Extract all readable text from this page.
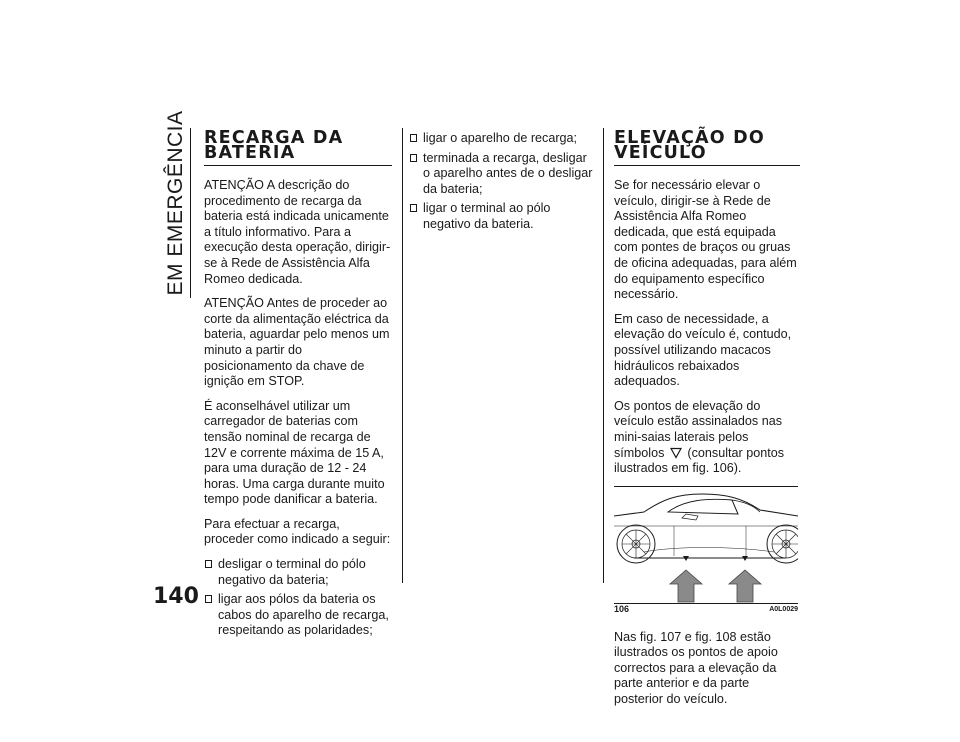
EM EMERGÊNCIA
140
RECARGA DA
BATERIA

ATENÇÃO A descrição do procedimento de recarga da bateria está indicada unicamente a título informativo. Para a execução desta operação, dirigir-se à Rede de Assistência Alfa Romeo dedicada.

ATENÇÃO Antes de proceder ao corte da alimentação eléctrica da bateria, aguardar pelo menos um minuto a partir do posicionamento da chave de ignição em STOP.

É aconselhável utilizar um carregador de baterias com tensão nominal de recarga de 12V e corrente máxima de 15 A, para uma duração de 12 - 24 horas. Uma carga durante muito tempo pode danificar a bateria.

Para efectuar a recarga, proceder como indicado a seguir:

desligar o terminal do pólo negativo da bateria;
ligar aos pólos da bateria os cabos do aparelho de recarga, respeitando as polaridades;
ligar o aparelho de recarga;
terminada a recarga, desligar o aparelho antes de o desligar da bateria;
ligar o terminal ao pólo negativo da bateria.
ELEVAÇÃO DO
VEÍCULO

Se for necessário elevar o veículo, dirigir-se à Rede de Assistência Alfa Romeo dedicada, que está equipada com pontes de braços ou gruas de oficina adequadas, para além do equipamento específico necessário.

Em caso de necessidade, a elevação do veículo é, contudo, possível utilizando macacos hidráulicos rebaixados adequados.

Os pontos de elevação do veículo estão assinalados nas mini-saias laterais pelos símbolos (consultar pontos ilustrados em fig. 106).

106	A0L0029

Nas fig. 107 e fig. 108 estão ilustrados os pontos de apoio correctos para a elevação da parte anterior e da parte posterior do veículo.
